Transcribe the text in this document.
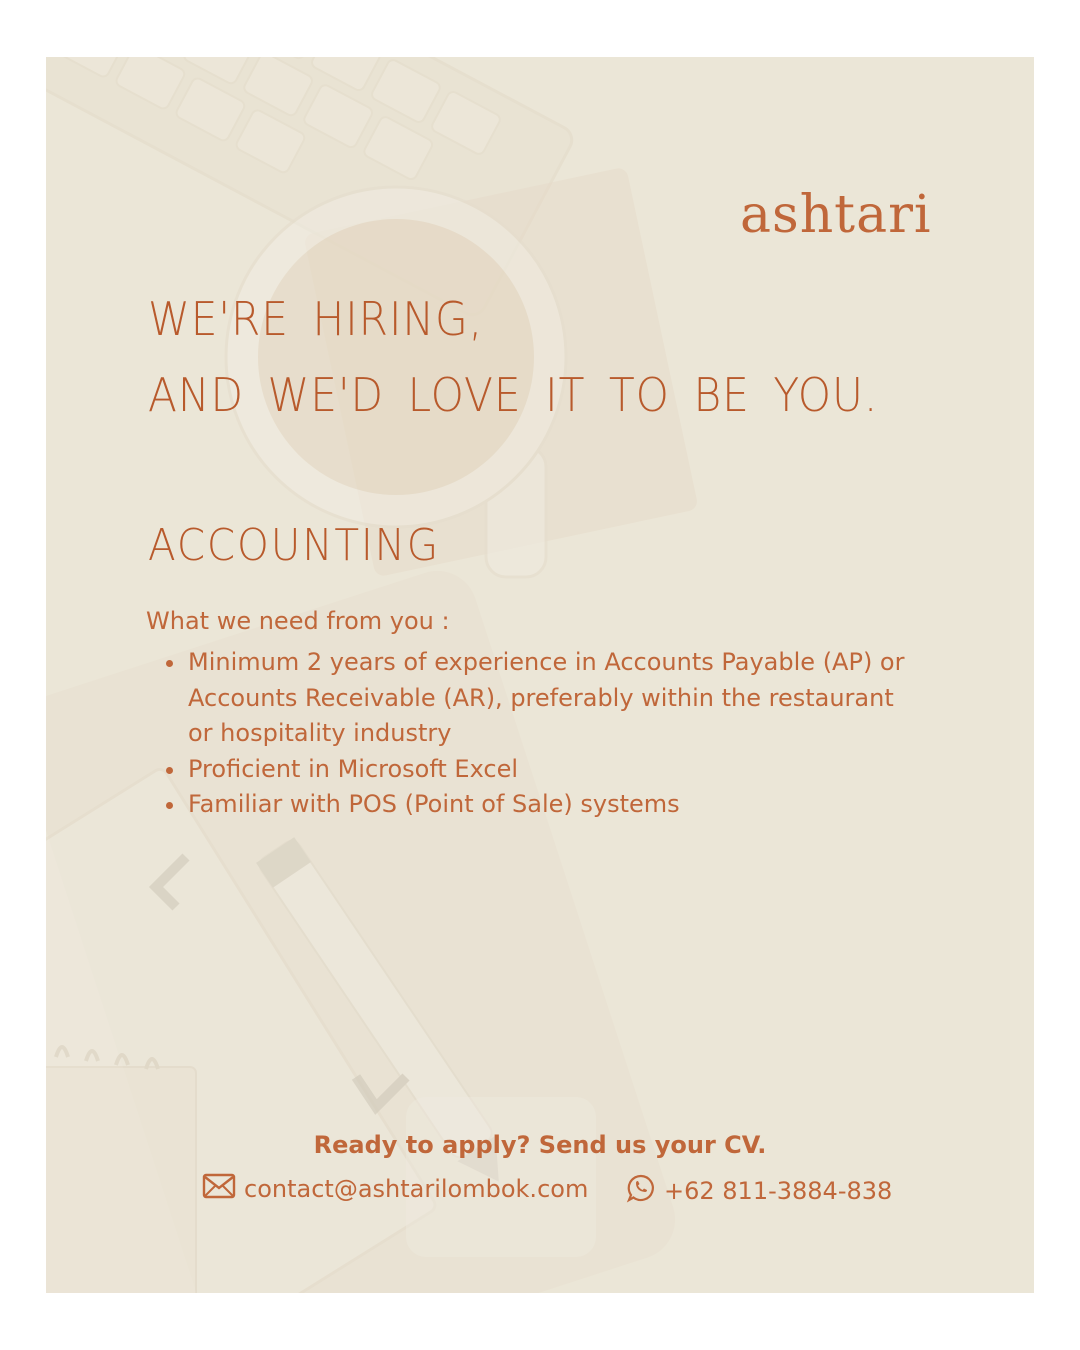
ashtari
WE'RE HIRING,
AND WE'D LOVE IT TO BE YOU.
ACCOUNTING

What we need from you :

Minimum 2 years of experience in Accounts Payable (AP) or Accounts Receivable (AR), preferably within the restaurant or hospitality industry
Proficient in Microsoft Excel
Familiar with POS (Point of Sale) systems

Ready to apply? Send us your CV.

contact@ashtarilombok.com	+62 811-3884-838
